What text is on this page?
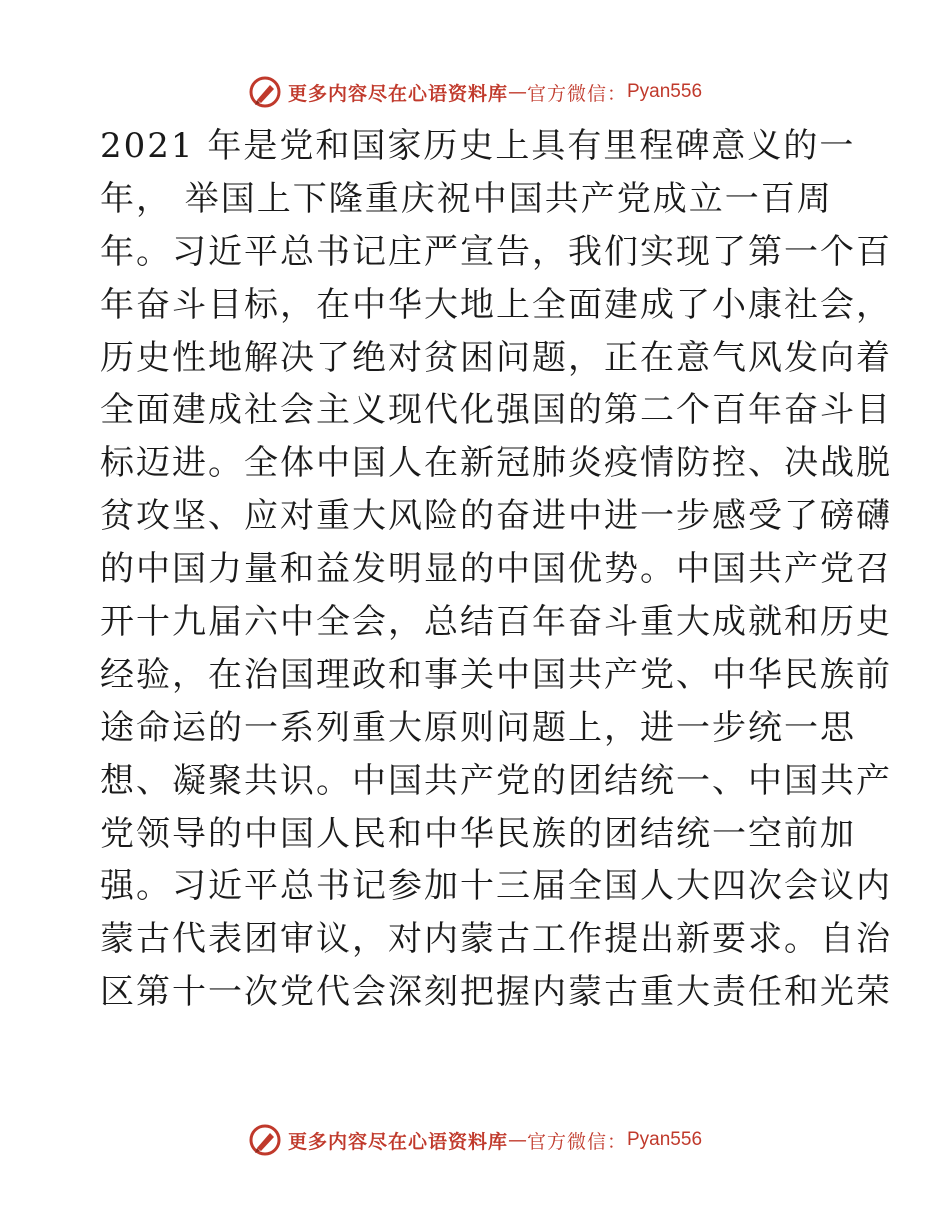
更多内容尽在心语资料库 — 官方微信： Pyan556
2021 年是党和国家历史上具有里程碑意义的一
年， 举国上下隆重庆祝中国共产党成立一百周
年。习近平总书记庄严宣告，我们实现了第一个百
年奋斗目标，在中华大地上全面建成了小康社会，
历史性地解决了绝对贫困问题，正在意气风发向着
全面建成社会主义现代化强国的第二个百年奋斗目
标迈进。全体中国人在新冠肺炎疫情防控、决战脱
贫攻坚、应对重大风险的奋进中进一步感受了磅礴
的中国力量和益发明显的中国优势。中国共产党召
开十九届六中全会，总结百年奋斗重大成就和历史
经验，在治国理政和事关中国共产党、中华民族前
途命运的一系列重大原则问题上，进一步统一思
想、凝聚共识。中国共产党的团结统一、中国共产
党领导的中国人民和中华民族的团结统一空前加
强。习近平总书记参加十三届全国人大四次会议内
蒙古代表团审议，对内蒙古工作提出新要求。自治
区第十一次党代会深刻把握内蒙古重大责任和光荣
更多内容尽在心语资料库 — 官方微信： Pyan556
